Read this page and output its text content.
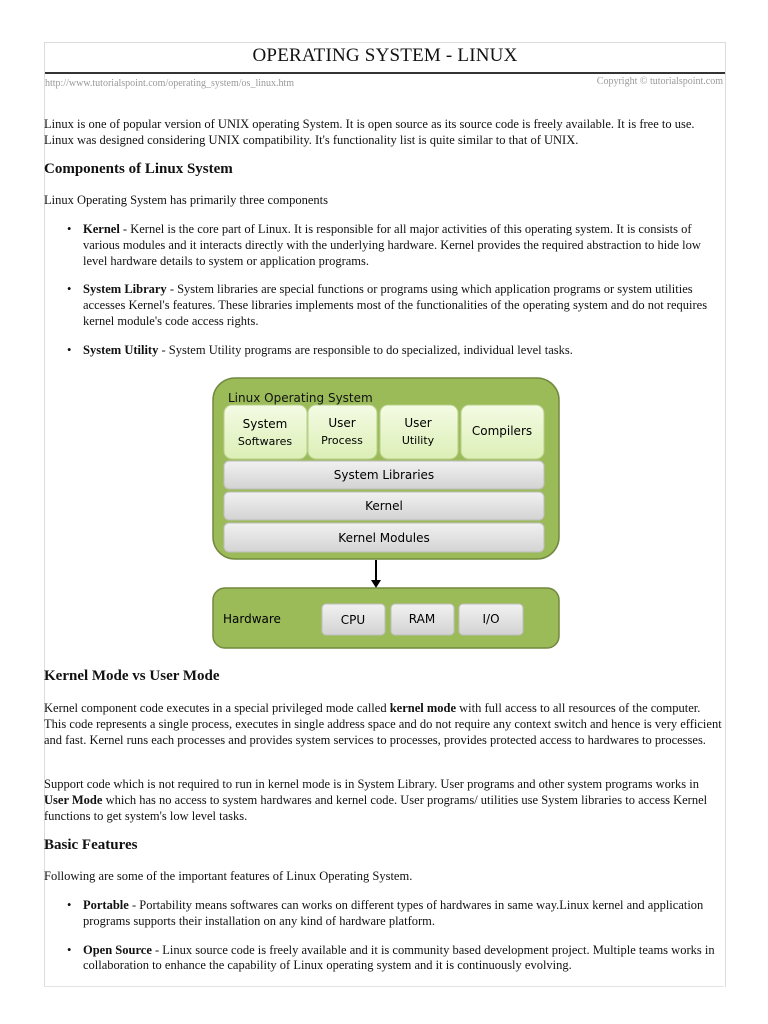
OPERATING SYSTEM - LINUX
http://www.tutorialspoint.com/operating_system/os_linux.htm	Copyright © tutorialspoint.com
Linux is one of popular version of UNIX operating System. It is open source as its source code is freely available. It is free to use. Linux was designed considering UNIX compatibility. It's functionality list is quite similar to that of UNIX.
Components of Linux System
Linux Operating System has primarily three components
• Kernel - Kernel is the core part of Linux. It is responsible for all major activities of this operating system. It is consists of various modules and it interacts directly with the underlying hardware. Kernel provides the required abstraction to hide low level hardware details to system or application programs.
• System Library - System libraries are special functions or programs using which application programs or system utilities accesses Kernel's features. These libraries implements most of the functionalities of the operating system and do not requires kernel module's code access rights.
• System Utility - System Utility programs are responsible to do specialized, individual level tasks.
Linux Operating System
System
Softwares
User
Process
User
Utility
Compilers
System Libraries
Kernel
Kernel Modules
Hardware	CPU	RAM	I/O
Kernel Mode vs User Mode
Kernel component code executes in a special privileged mode called kernel mode with full access to all resources of the computer. This code represents a single process, executes in single address space and do not require any context switch and hence is very efficient and fast. Kernel runs each processes and provides system services to processes, provides protected access to hardwares to processes.
Support code which is not required to run in kernel mode is in System Library. User programs and other system programs works in User Mode which has no access to system hardwares and kernel code. User programs/ utilities use System libraries to access Kernel functions to get system's low level tasks.
Basic Features
Following are some of the important features of Linux Operating System.
• Portable - Portability means softwares can works on different types of hardwares in same way.Linux kernel and application programs supports their installation on any kind of hardware platform.
• Open Source - Linux source code is freely available and it is community based development project. Multiple teams works in collaboration to enhance the capability of Linux operating system and it is continuously evolving.
